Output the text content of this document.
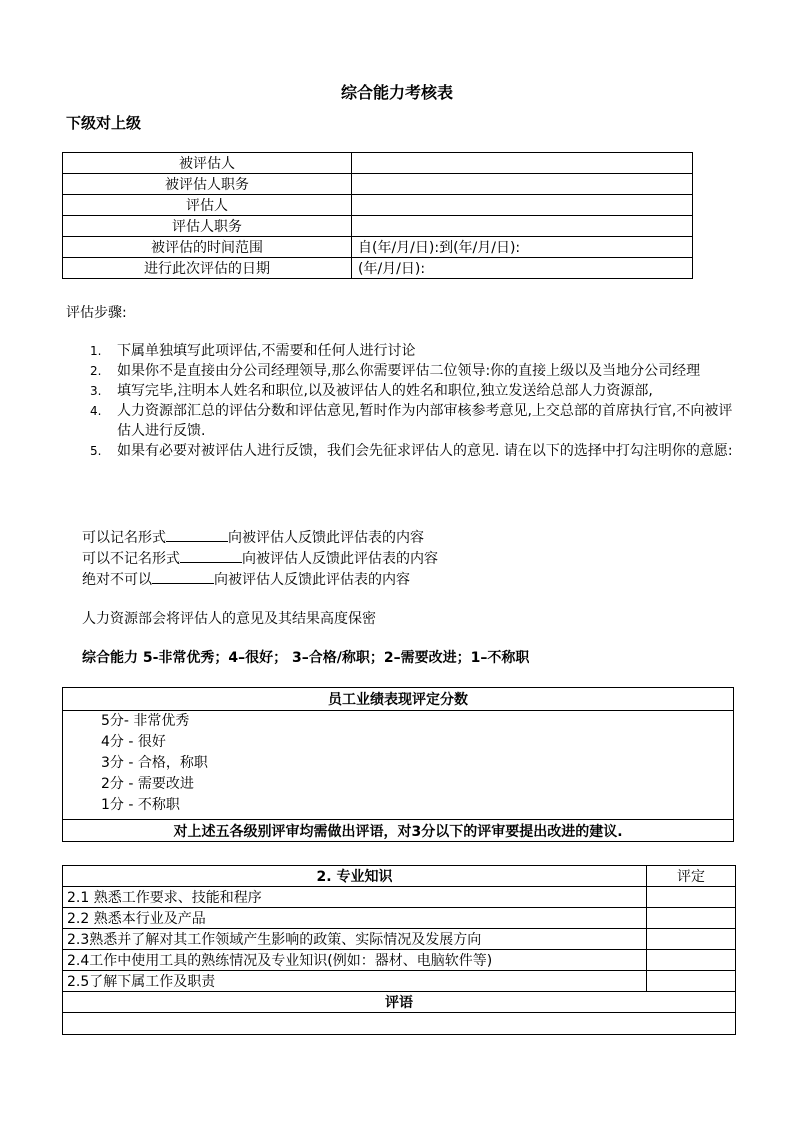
综合能力考核表
下级对上级
被评估人	
被评估人职务	
评估人	
评估人职务	
被评估的时间范围	自(年/月/日):到(年/月/日):
进行此次评估的日期	(年/月/日):
评估步骤:
1. 下属单独填写此项评估,不需要和任何人进行讨论
2. 如果你不是直接由分公司经理领导,那么你需要评估二位领导:你的直接上级以及当地分公司经理
3. 填写完毕,注明本人姓名和职位,以及被评估人的姓名和职位,独立发送给总部人力资源部,
4. 人力资源部汇总的评估分数和评估意见,暂时作为内部审核参考意见,上交总部的首席执行官,不向被评估人进行反馈.
5. 如果有必要对被评估人进行反馈，我们会先征求评估人的意见. 请在以下的选择中打勾注明你的意愿:
可以记名形式	向被评估人反馈此评估表的内容
可以不记名形式	向被评估人反馈此评估表的内容
绝对不可以	向被评估人反馈此评估表的内容
人力资源部会将评估人的意见及其结果高度保密
综合能力 5-非常优秀；4–很好； 3–合格/称职；2–需要改进；1–不称职
员工业绩表现评定分数

5分- 非常优秀
4分 - 很好
3分 - 合格，称职
2分 - 需要改进
1分 - 不称职

对上述五各级别评审均需做出评语，对3分以下的评审要提出改进的建议.
2. 专业知识	评定
2.1 熟悉工作要求、技能和程序	
2.2 熟悉本行业及产品	
2.3熟悉并了解对其工作领域产生影响的政策、实际情况及发展方向	
2.4工作中使用工具的熟练情况及专业知识(例如：器材、电脑软件等)	
2.5了解下属工作及职责	
评语	
